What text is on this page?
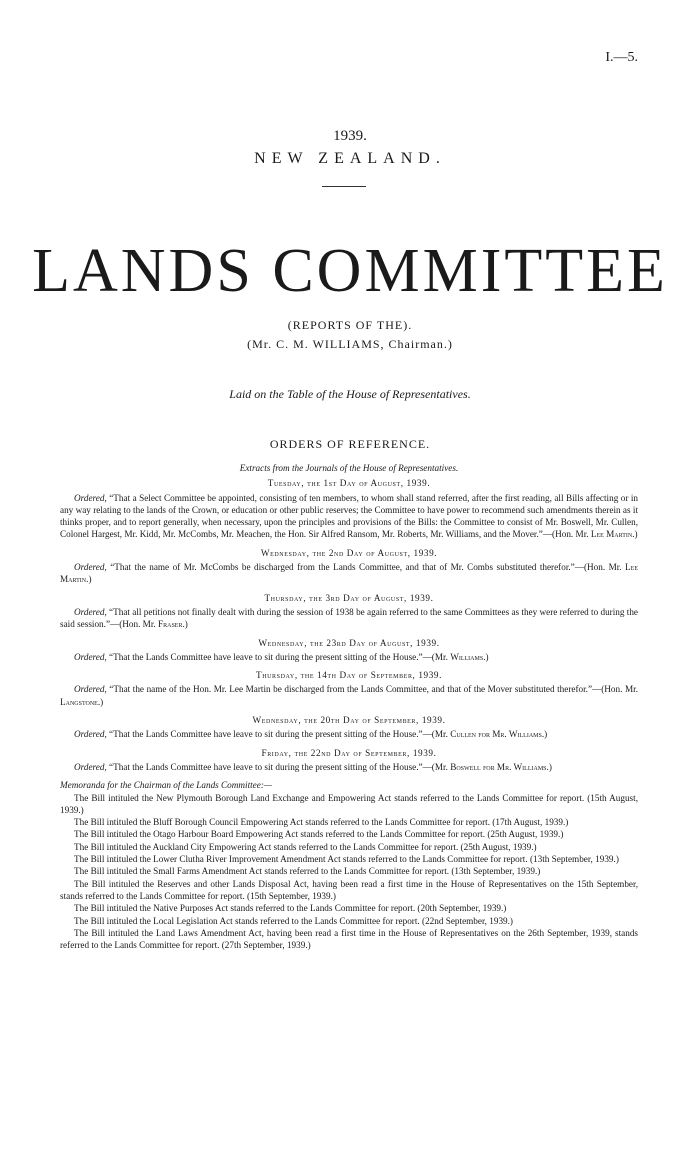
I.—5.
1939.
NEW ZEALAND.
LANDS COMMITTEE
(REPORTS OF THE).
(Mr. C. M. WILLIAMS, Chairman.)
Laid on the Table of the House of Representatives.
ORDERS OF REFERENCE.
Extracts from the Journals of the House of Representatives.
Tuesday, the 1st Day of August, 1939.
Ordered, “That a Select Committee be appointed, consisting of ten members, to whom shall stand referred, after the first reading, all Bills affecting or in any way relating to the lands of the Crown, or education or other public reserves; the Committee to have power to recommend such amendments therein as it thinks proper, and to report generally, when necessary, upon the principles and provisions of the Bills: the Committee to consist of Mr. Boswell, Mr. Cullen, Colonel Hargest, Mr. Kidd, Mr. McCombs, Mr. Meachen, the Hon. Sir Alfred Ransom, Mr. Roberts, Mr. Williams, and the Mover.”—(Hon. Mr. Lee Martin.)
Wednesday, the 2nd Day of August, 1939.
Ordered, “That the name of Mr. McCombs be discharged from the Lands Committee, and that of Mr. Combs substituted therefor.”—(Hon. Mr. Lee Martin.)
Thursday, the 3rd Day of August, 1939.
Ordered, “That all petitions not finally dealt with during the session of 1938 be again referred to the same Committees as they were referred to during the said session.”—(Hon. Mr. Fraser.)
Wednesday, the 23rd Day of August, 1939.
Ordered, “That the Lands Committee have leave to sit during the present sitting of the House.”—(Mr. Williams.)
Thursday, the 14th Day of September, 1939.
Ordered, “That the name of the Hon. Mr. Lee Martin be discharged from the Lands Committee, and that of the Mover substituted therefor.”—(Hon. Mr. Langstone.)
Wednesday, the 20th Day of September, 1939.
Ordered, “That the Lands Committee have leave to sit during the present sitting of the House.”—(Mr. Cullen for Mr. Williams.)
Friday, the 22nd Day of September, 1939.
Ordered, “That the Lands Committee have leave to sit during the present sitting of the House.”—(Mr. Boswell for Mr. Williams.)
Memoranda for the Chairman of the Lands Committee:—
The Bill intituled the New Plymouth Borough Land Exchange and Empowering Act stands referred to the Lands Committee for report. (15th August, 1939.)
The Bill intituled the Bluff Borough Council Empowering Act stands referred to the Lands Committee for report. (17th August, 1939.)
The Bill intituled the Otago Harbour Board Empowering Act stands referred to the Lands Committee for report. (25th August, 1939.)
The Bill intituled the Auckland City Empowering Act stands referred to the Lands Committee for report. (25th August, 1939.)
The Bill intituled the Lower Clutha River Improvement Amendment Act stands referred to the Lands Committee for report. (13th September, 1939.)
The Bill intituled the Small Farms Amendment Act stands referred to the Lands Committee for report. (13th September, 1939.)
The Bill intituled the Reserves and other Lands Disposal Act, having been read a first time in the House of Representatives on the 15th September, stands referred to the Lands Committee for report. (15th September, 1939.)
The Bill intituled the Native Purposes Act stands referred to the Lands Committee for report. (20th September, 1939.)
The Bill intituled the Local Legislation Act stands referred to the Lands Committee for report. (22nd September, 1939.)
The Bill intituled the Land Laws Amendment Act, having been read a first time in the House of Representatives on the 26th September, 1939, stands referred to the Lands Committee for report. (27th September, 1939.)
